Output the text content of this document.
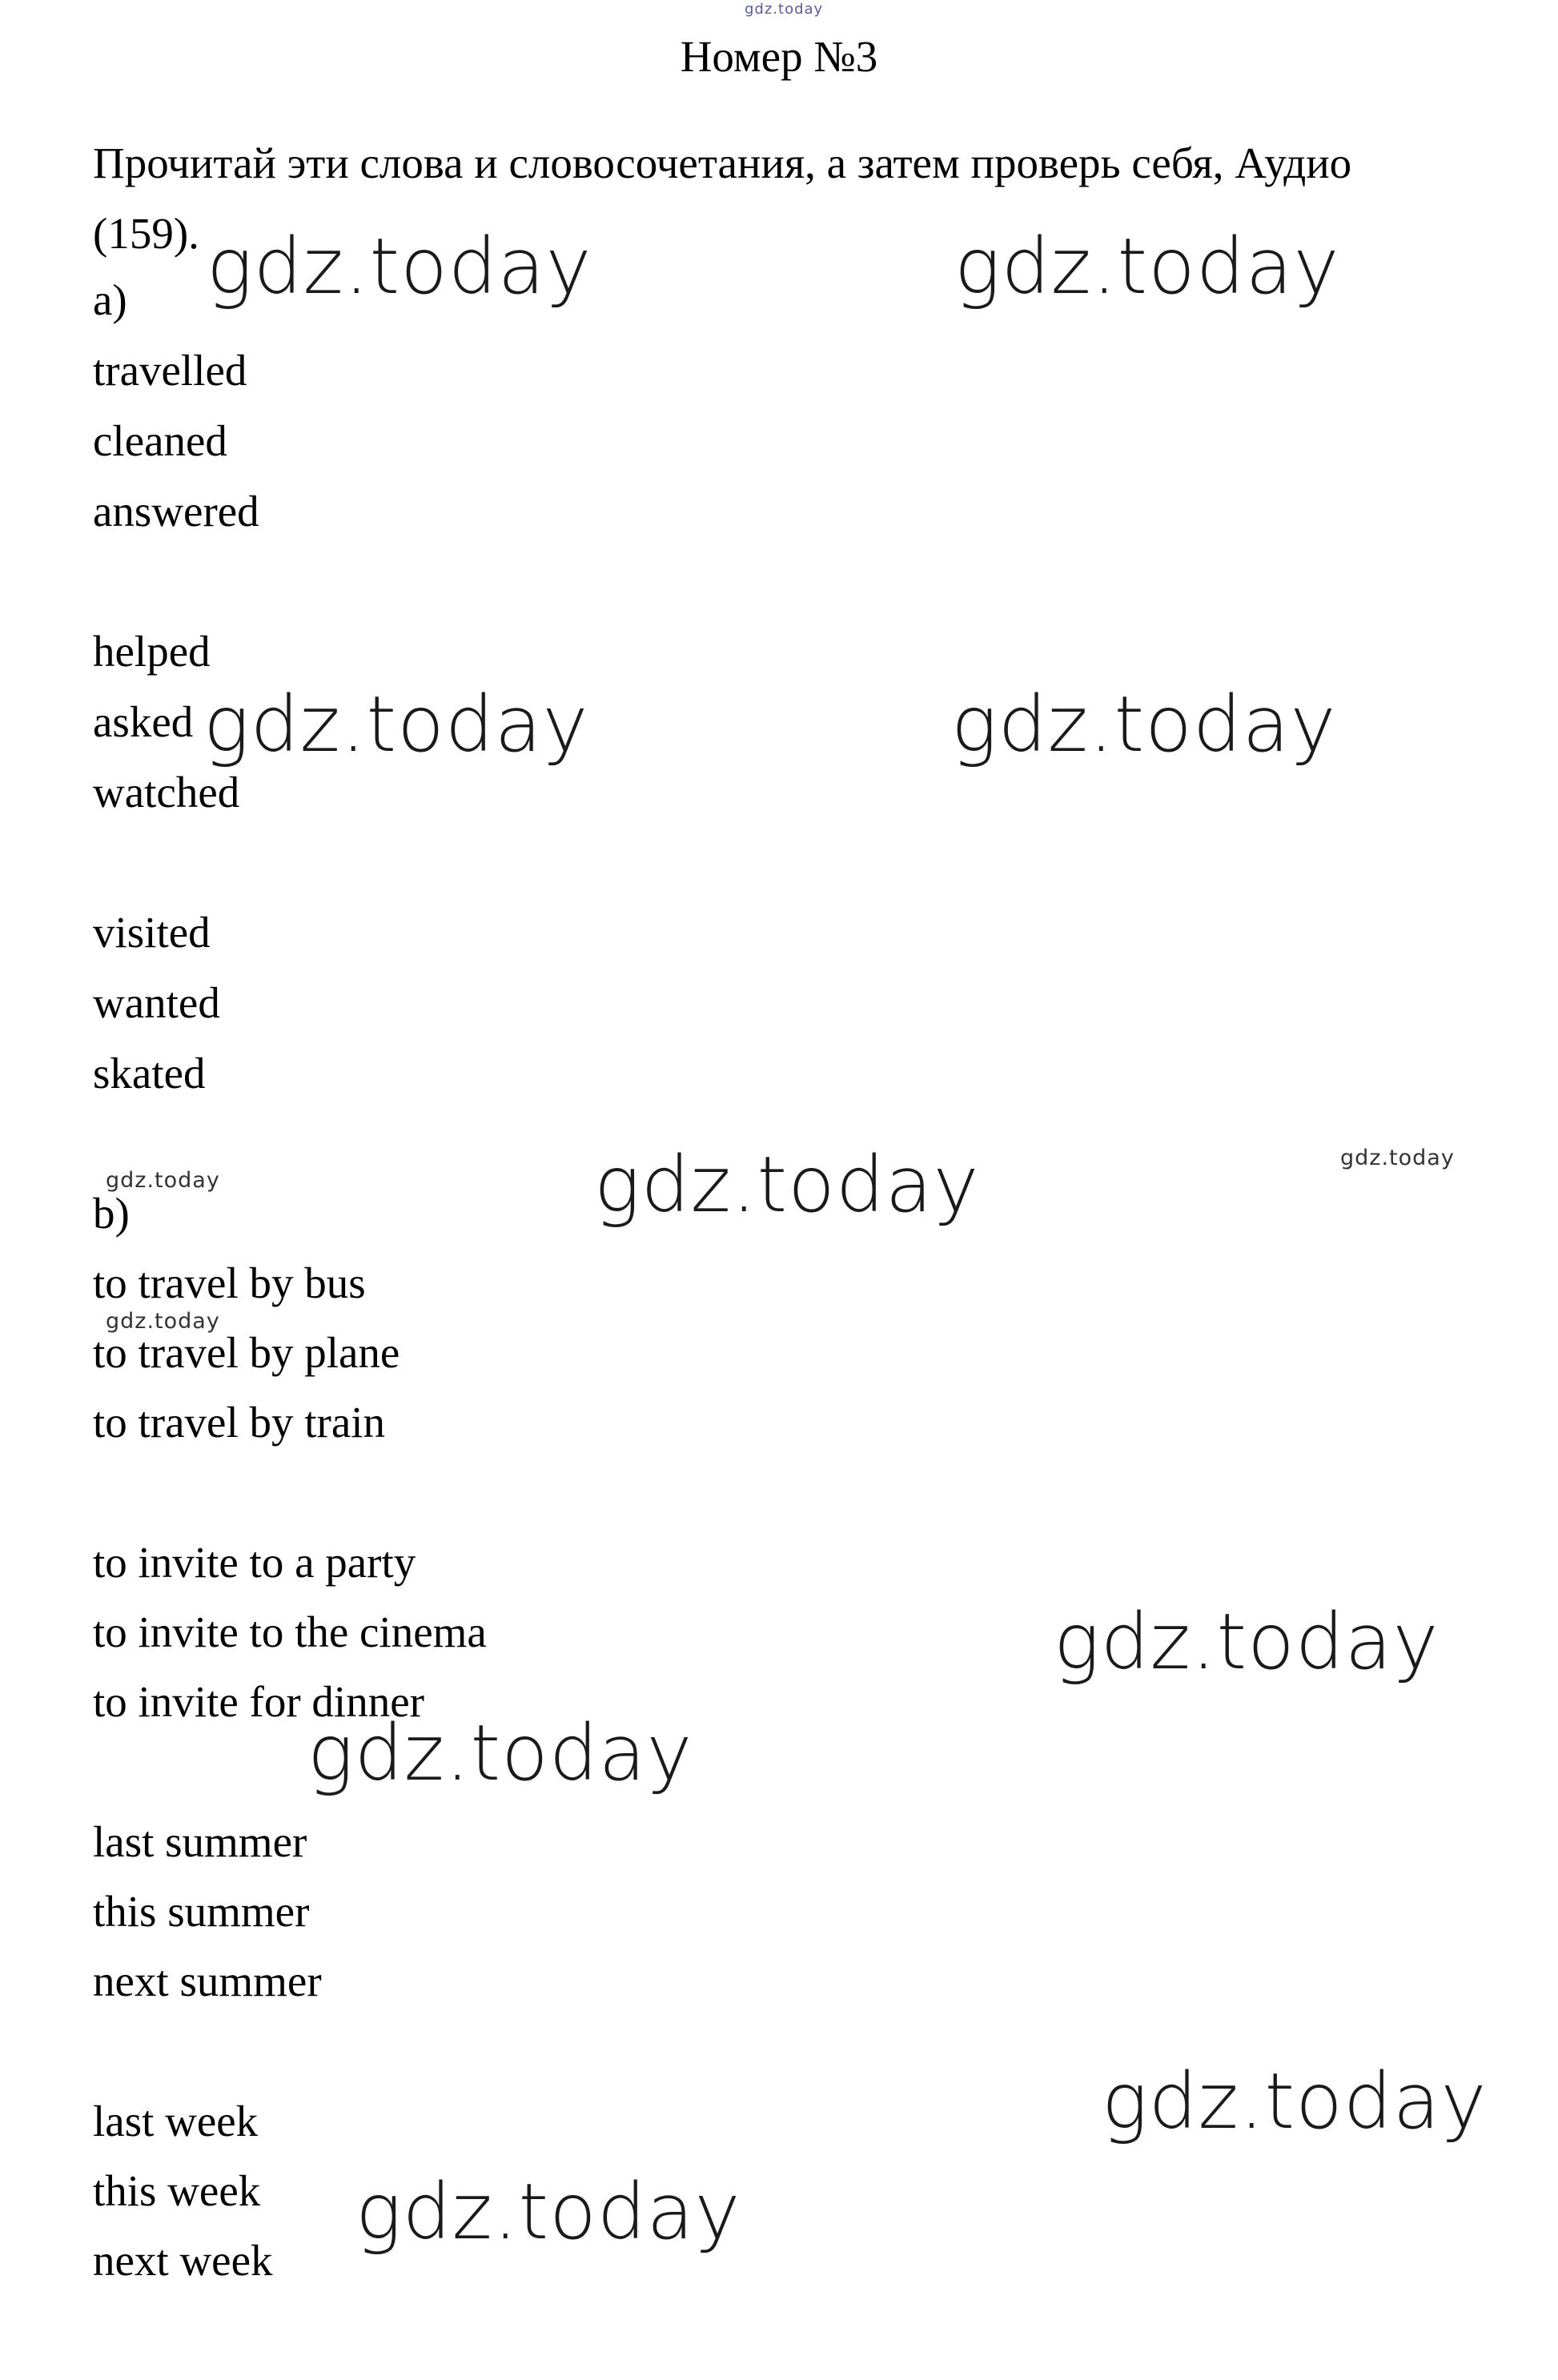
gdz.today
Номер №3
Прочитай эти слова и словосочетания, а затем проверь себя, Аудио
(159).
a)
travelled
cleaned
answered
helped
asked
watched
visited
wanted
skated
b)
to travel by bus
to travel by plane
to travel by train
to invite to a party
to invite to the cinema
to invite for dinner
last summer
this summer
next summer
last week
this week
next week
gdz.today	gdz.today
gdz.today	gdz.today
gdz.today
gdz.today
gdz.today
gdz.today
gdz.today
gdz.today
gdz.today
gdz.today
